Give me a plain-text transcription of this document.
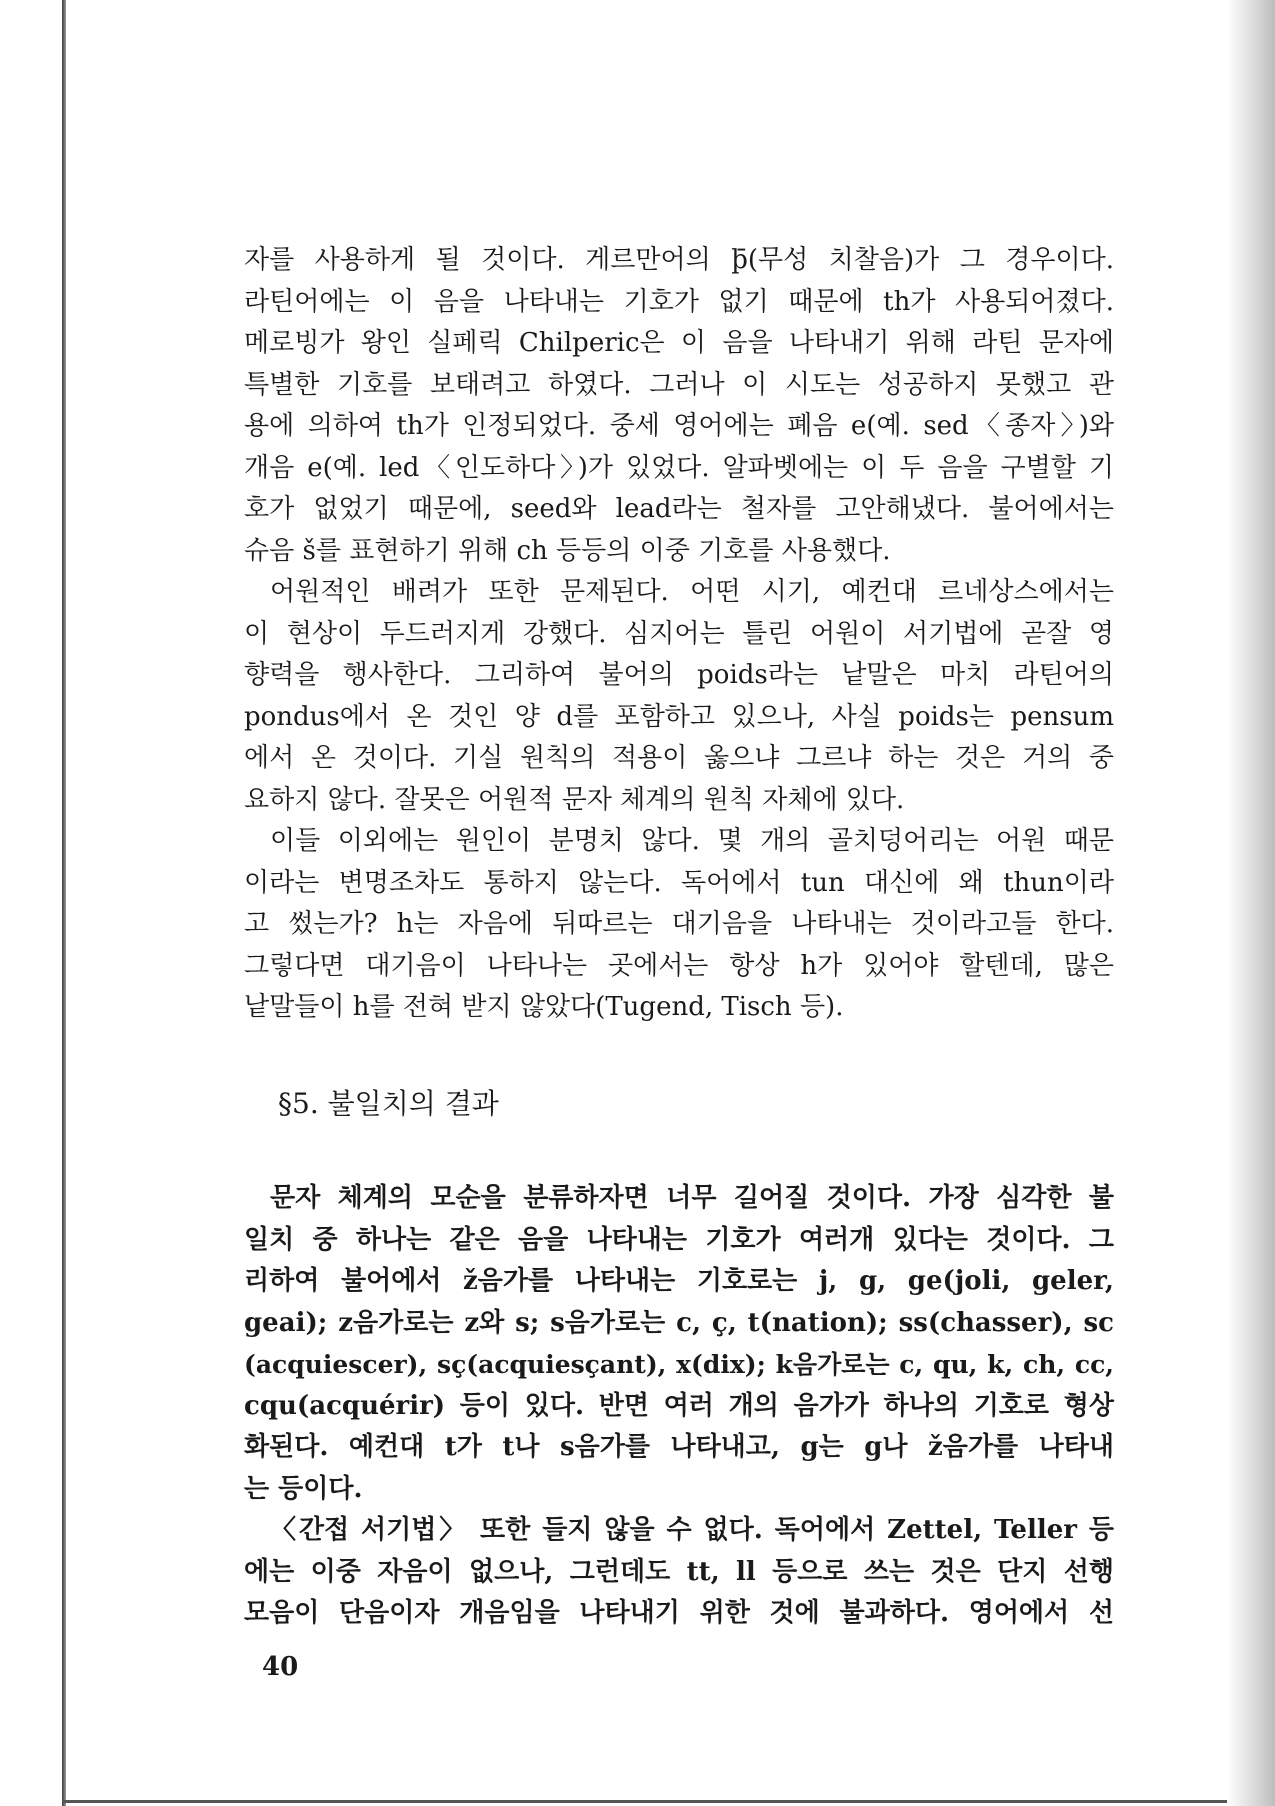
자를 사용하게 될 것이다. 게르만어의 þ̄(무성 치찰음)가 그 경우이다.
라틴어에는 이 음을 나타내는 기호가 없기 때문에 th가 사용되어졌다.
메로빙가 왕인 실페릭 Chilperic은 이 음을 나타내기 위해 라틴 문자에
특별한 기호를 보태려고 하였다. 그러나 이 시도는 성공하지 못했고 관
용에 의하여 th가 인정되었다. 중세 영어에는 폐음 e(예. sed〈종자〉)와
개음 e(예. led〈인도하다〉)가 있었다. 알파벳에는 이 두 음을 구별할 기
호가 없었기 때문에, seed와 lead라는 철자를 고안해냈다. 불어에서는
슈음 š를 표현하기 위해 ch 등등의 이중 기호를 사용했다.
어원적인 배려가 또한 문제된다. 어떤 시기, 예컨대 르네상스에서는
이 현상이 두드러지게 강했다. 심지어는 틀린 어원이 서기법에 곧잘 영
향력을 행사한다. 그리하여 불어의 poids라는 낱말은 마치 라틴어의
pondus에서 온 것인 양 d를 포함하고 있으나, 사실 poids는 pensum
에서 온 것이다. 기실 원칙의 적용이 옳으냐 그르냐 하는 것은 거의 중
요하지 않다. 잘못은 어원적 문자 체계의 원칙 자체에 있다.
이들 이외에는 원인이 분명치 않다. 몇 개의 골치덩어리는 어원 때문
이라는 변명조차도 통하지 않는다. 독어에서 tun 대신에 왜 thun이라
고 썼는가? h는 자음에 뒤따르는 대기음을 나타내는 것이라고들 한다.
그렇다면 대기음이 나타나는 곳에서는 항상 h가 있어야 할텐데, 많은
낱말들이 h를 전혀 받지 않았다(Tugend, Tisch 등).
§5. 불일치의 결과
문자 체계의 모순을 분류하자면 너무 길어질 것이다. 가장 심각한 불
일치 중 하나는 같은 음을 나타내는 기호가 여러개 있다는 것이다. 그
리하여 불어에서 ž음가를 나타내는 기호로는 j, g, ge(joli, geler,
geai); z음가로는 z와 s; s음가로는 c, ç, t(nation); ss(chasser), sc
(acquiescer), sç(acquiesçant), x(dix); k음가로는 c, qu, k, ch, cc,
cqu(acquérir) 등이 있다. 반면 여러 개의 음가가 하나의 기호로 형상
화된다. 예컨대 t가 t나 s음가를 나타내고, g는 g나 ž음가를 나타내
는 등이다.
〈간접 서기법〉 또한 들지 않을 수 없다. 독어에서 Zettel, Teller 등
에는 이중 자음이 없으나, 그런데도 tt, ll 등으로 쓰는 것은 단지 선행
모음이 단음이자 개음임을 나타내기 위한 것에 불과하다. 영어에서 선
40
